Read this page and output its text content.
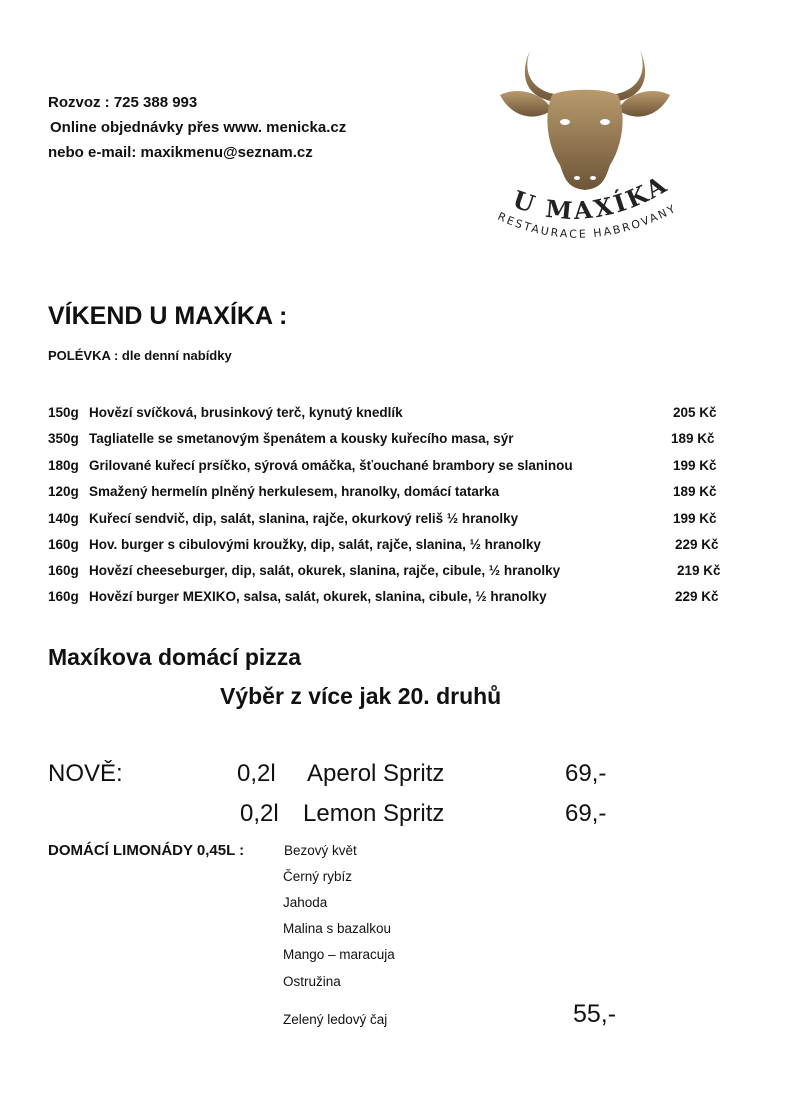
Rozvoz : 725 388 993
Online objednávky přes www. menicka.cz
nebo e-mail: maxikmenu@seznam.cz
U MAXÍKA
RESTAURACE HABROVANY
VÍKEND U MAXÍKA :
POLÉVKA : dle denní nabídky
150g Hovězí svíčková, brusinkový terč, kynutý knedlík	205 Kč
350g Tagliatelle se smetanovým špenátem a kousky kuřecího masa, sýr	189 Kč
180g Grilované kuřecí prsíčko, sýrová omáčka, šťouchané brambory se slaninou	199 Kč
120g Smažený hermelín plněný herkulesem, hranolky, domácí tatarka	189 Kč
140g Kuřecí sendvič, dip, salát, slanina, rajče, okurkový reliš ½ hranolky	199 Kč
160g Hov. burger s cibulovými kroužky, dip, salát, rajče, slanina, ½ hranolky	229 Kč
160g Hovězí cheeseburger, dip, salát, okurek, slanina, rajče, cibule, ½ hranolky	219 Kč
160g Hovězí burger MEXIKO, salsa, salát, okurek, slanina, cibule, ½ hranolky	229 Kč
Maxíkova domácí pizza
Výběr z více jak 20. druhů
NOVĚ:	0,2l Aperol Spritz	69,-
0,2l Lemon Spritz	69,-
DOMÁCÍ LIMONÁDY 0,45L :	Bezový květ
Černý rybíz
Jahoda
Malina s bazalkou
Mango – maracuja
Ostružina
Zelený ledový čaj	55,-
